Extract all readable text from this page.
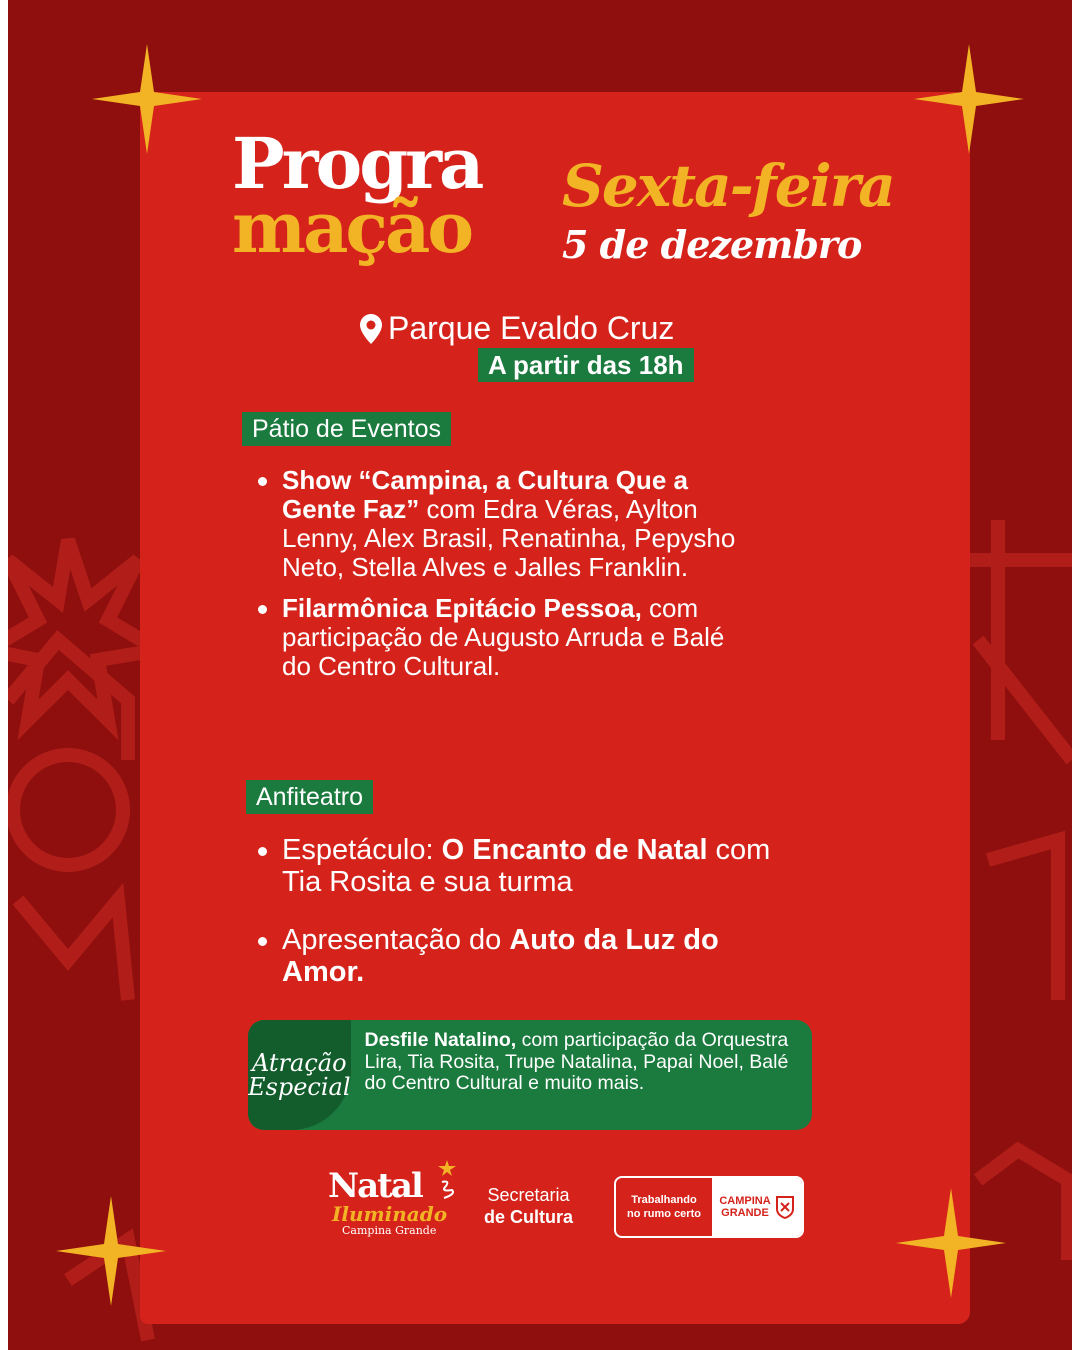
Progra
mação Sexta-feira
5 de dezembro
Parque Evaldo Cruz
A partir das 18h
Pátio de Eventos
Show “Campina, a Cultura Que a Gente Faz” com Edra Véras, Aylton Lenny, Alex Brasil, Renatinha, Pepysho Neto, Stella Alves e Jalles Franklin.
Filarmônica Epitácio Pessoa, com participação de Augusto Arruda e Balé do Centro Cultural.
Anfiteatro
Espetáculo: O Encanto de Natal com Tia Rosita e sua turma
Apresentação do Auto da Luz do Amor.
Atração
Especial
Desfile Natalino, com participação da Orquestra Lira, Tia Rosita, Trupe Natalina, Papai Noel, Balé do Centro Cultural e muito mais.
Natal
Iluminado
Campina Grande
Secretaria
de Cultura
Trabalhando
no rumo certo
CAMPINA
GRANDE
